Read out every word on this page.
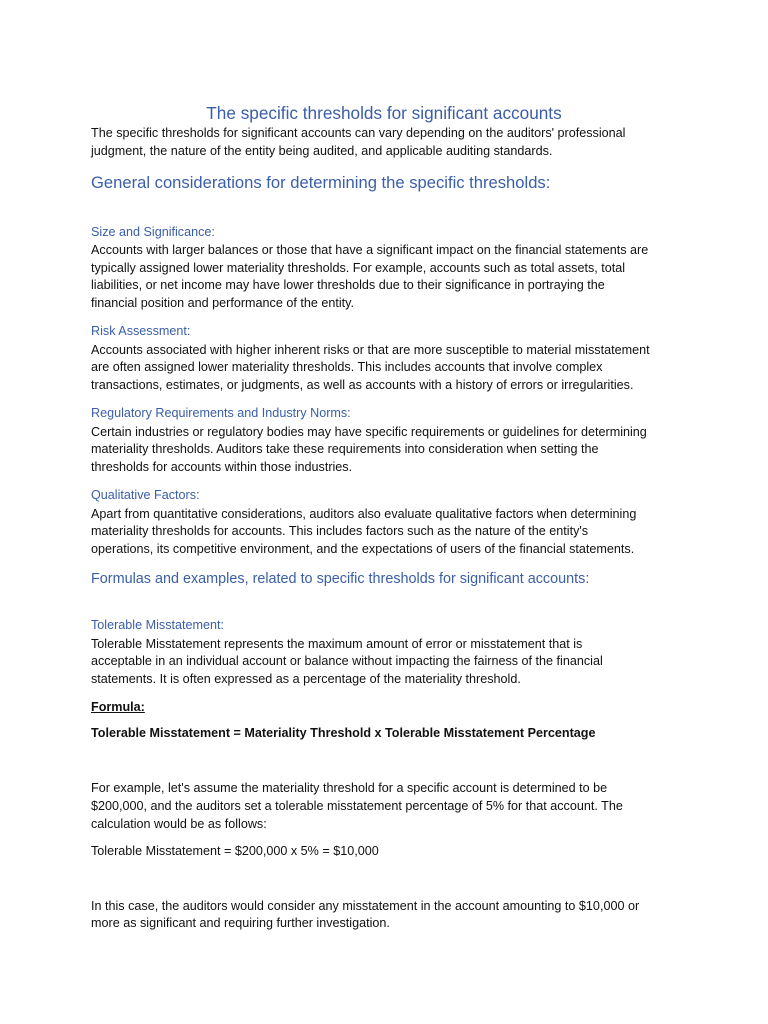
The specific thresholds for significant accounts
The specific thresholds for significant accounts can vary depending on the auditors' professional
judgment, the nature of the entity being audited, and applicable auditing standards.
General considerations for determining the specific thresholds:
Size and Significance:
Accounts with larger balances or those that have a significant impact on the financial statements are
typically assigned lower materiality thresholds. For example, accounts such as total assets, total
liabilities, or net income may have lower thresholds due to their significance in portraying the
financial position and performance of the entity.
Risk Assessment:
Accounts associated with higher inherent risks or that are more susceptible to material misstatement
are often assigned lower materiality thresholds. This includes accounts that involve complex
transactions, estimates, or judgments, as well as accounts with a history of errors or irregularities.
Regulatory Requirements and Industry Norms:
Certain industries or regulatory bodies may have specific requirements or guidelines for determining
materiality thresholds. Auditors take these requirements into consideration when setting the
thresholds for accounts within those industries.
Qualitative Factors:
Apart from quantitative considerations, auditors also evaluate qualitative factors when determining
materiality thresholds for accounts. This includes factors such as the nature of the entity's
operations, its competitive environment, and the expectations of users of the financial statements.
Formulas and examples, related to specific thresholds for significant accounts:
Tolerable Misstatement:
Tolerable Misstatement represents the maximum amount of error or misstatement that is
acceptable in an individual account or balance without impacting the fairness of the financial
statements. It is often expressed as a percentage of the materiality threshold.
Formula:
Tolerable Misstatement = Materiality Threshold x Tolerable Misstatement Percentage
For example, let's assume the materiality threshold for a specific account is determined to be
$200,000, and the auditors set a tolerable misstatement percentage of 5% for that account. The
calculation would be as follows:
Tolerable Misstatement = $200,000 x 5% = $10,000
In this case, the auditors would consider any misstatement in the account amounting to $10,000 or
more as significant and requiring further investigation.
